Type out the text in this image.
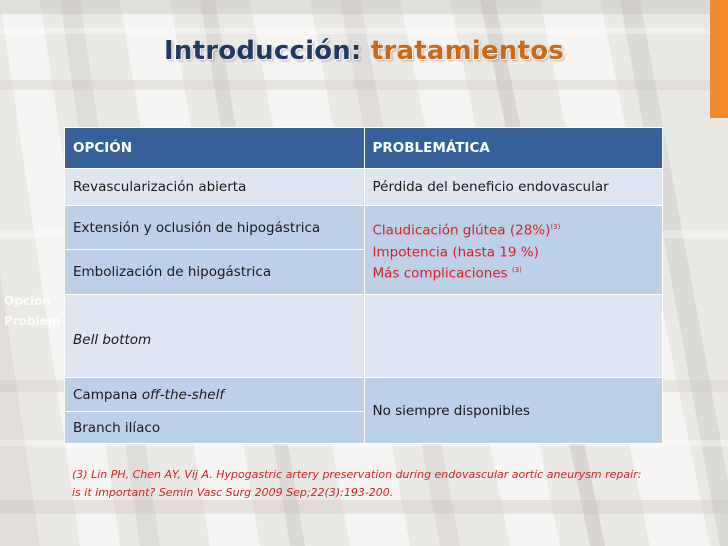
Introducción: tratamientos
Opción
Problem
OPCIÓN	PROBLEMÁTICA
Revascularización abierta	Pérdida del beneficio endovascular
Extensión y oclusión de hipogástrica	Claudicación glútea $(28\%)^{(3)}$
Impotencia (hasta 19 %)
Más complicaciones $^{(3)}$

Embolización de hipogástrica	
Bell bottom	
Campana off-the-shelf	No siempre disponibles
Branch ilíaco	
(3) Lin PH, Chen AY, Vij A. Hypogastric artery preservation during endovascular aortic aneurysm repair: is it important? Semin Vasc Surg 2009 Sep;22(3):193-200.
